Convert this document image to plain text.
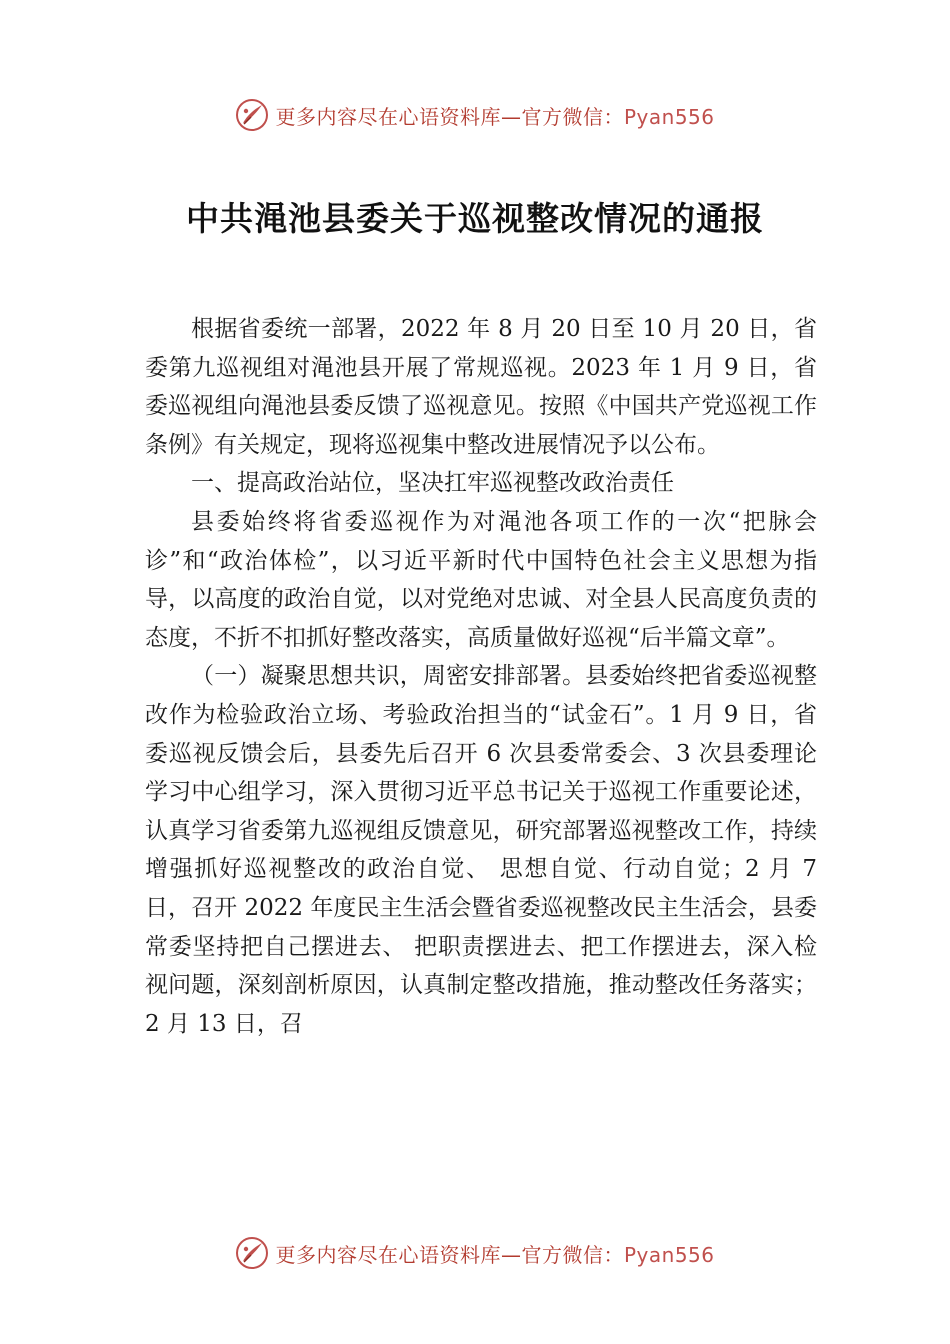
更多内容尽在心语资料库—官方微信：Pyan556
中共渑池县委关于巡视整改情况的通报

根据省委统一部署，2022 年 8 月 20 日至 10 月 20 日，省委第九巡视组对渑池县开展了常规巡视。2023 年 1 月 9 日，省委巡视组向渑池县委反馈了巡视意见。按照《中国共产党巡视工作条例》有关规定，现将巡视集中整改进展情况予以公布。

一、提高政治站位，坚决扛牢巡视整改政治责任

县委始终将省委巡视作为对渑池各项工作的一次“把脉会诊”和“政治体检”，以习近平新时代中国特色社会主义思想为指导，以高度的政治自觉，以对党绝对忠诚、对全县人民高度负责的态度，不折不扣抓好整改落实，高质量做好巡视“后半篇文章”。

（一）凝聚思想共识，周密安排部署。县委始终把省委巡视整改作为检验政治立场、考验政治担当的“试金石”。1 月 9 日，省委巡视反馈会后，县委先后召开 6 次县委常委会、3 次县委理论学习中心组学习，深入贯彻习近平总书记关于巡视工作重要论述，认真学习省委第九巡视组反馈意见，研究部署巡视整改工作，持续增强抓好巡视整改的政治自觉、 思想自觉、行动自觉；2 月 7 日，召开 2022 年度民主生活会暨省委巡视整改民主生活会，县委常委坚持把自己摆进去、 把职责摆进去、把工作摆进去，深入检视问题，深刻剖析原因，认真制定整改措施，推动整改任务落实；2 月 13 日，召

更多内容尽在心语资料库—官方微信：Pyan556
